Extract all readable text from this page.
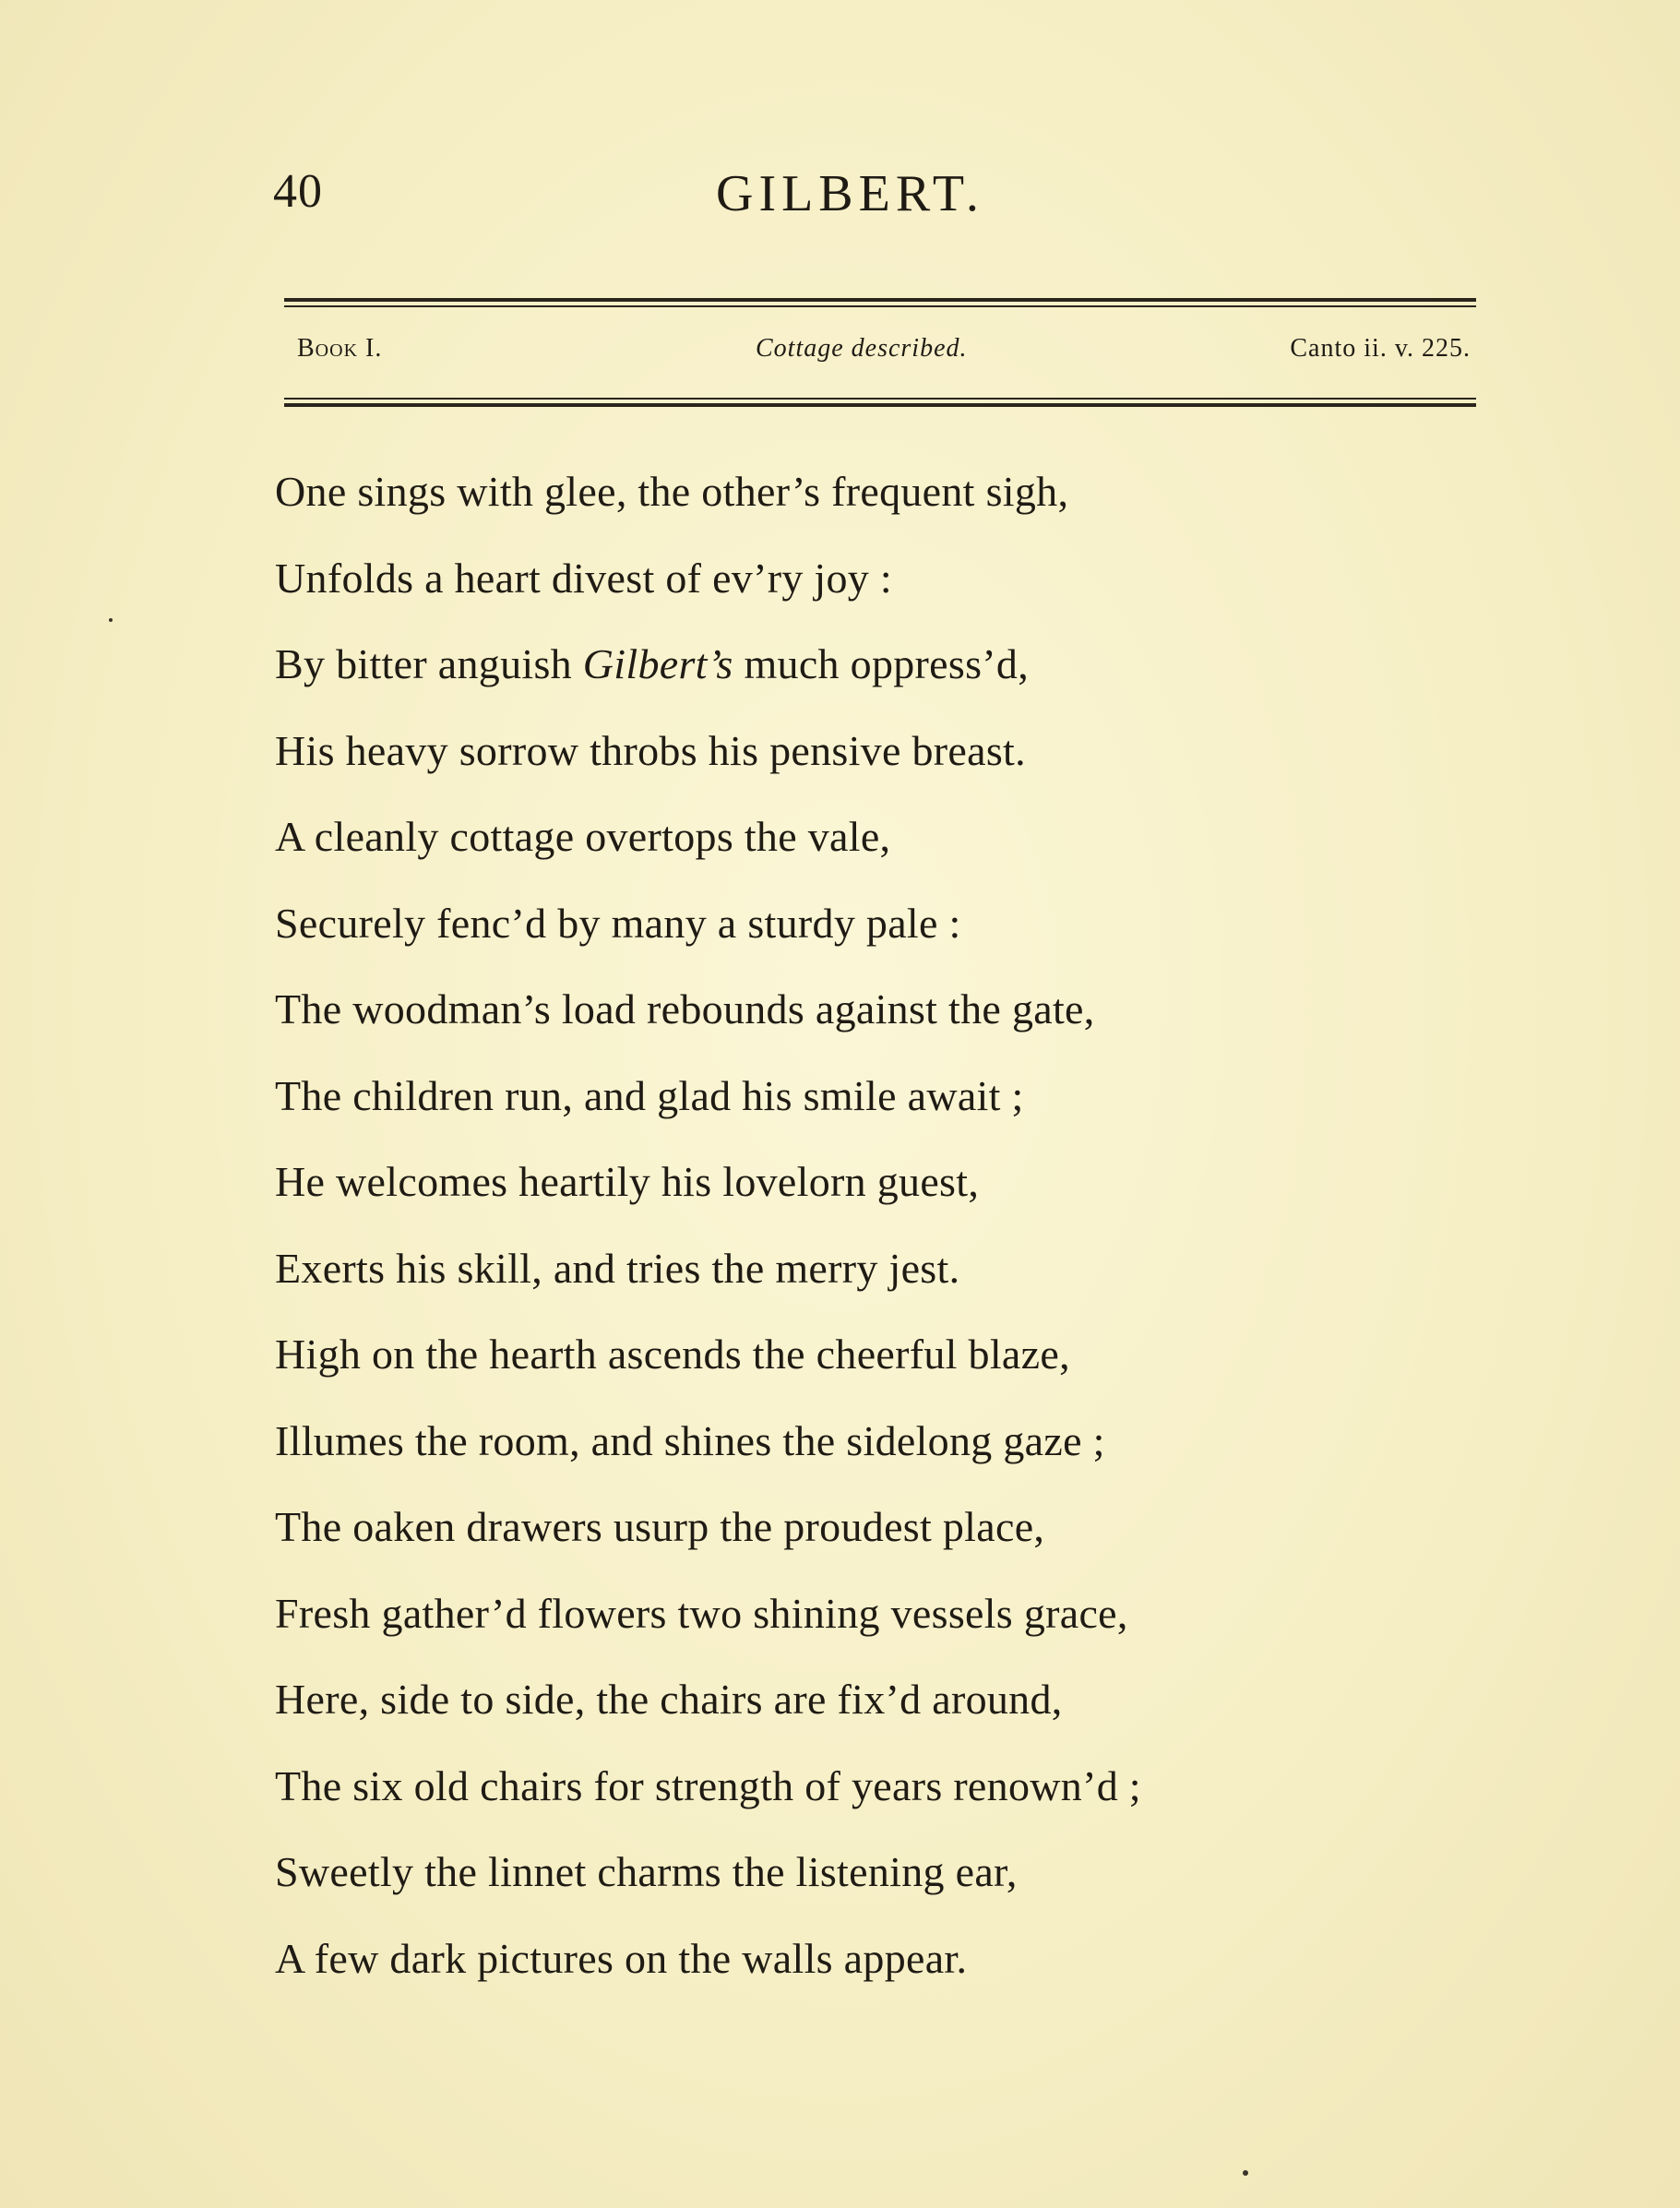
40	GILBERT.
Book I.	Cottage described.	Canto ii. v. 225.
One sings with glee, the other’s frequent sigh,
Unfolds a heart divest of ev’ry joy :
By bitter anguish Gilbert’s much oppress’d,
His heavy sorrow throbs his pensive breast.
A cleanly cottage overtops the vale,
Securely fenc’d by many a sturdy pale :
The woodman’s load rebounds against the gate,
The children run, and glad his smile await ;
He welcomes heartily his lovelorn guest,
Exerts his skill, and tries the merry jest.
High on the hearth ascends the cheerful blaze,
Illumes the room, and shines the sidelong gaze ;
The oaken drawers usurp the proudest place,
Fresh gather’d flowers two shining vessels grace,
Here, side to side, the chairs are fix’d around,
The six old chairs for strength of years renown’d ;
Sweetly the linnet charms the listening ear,
A few dark pictures on the walls appear.
